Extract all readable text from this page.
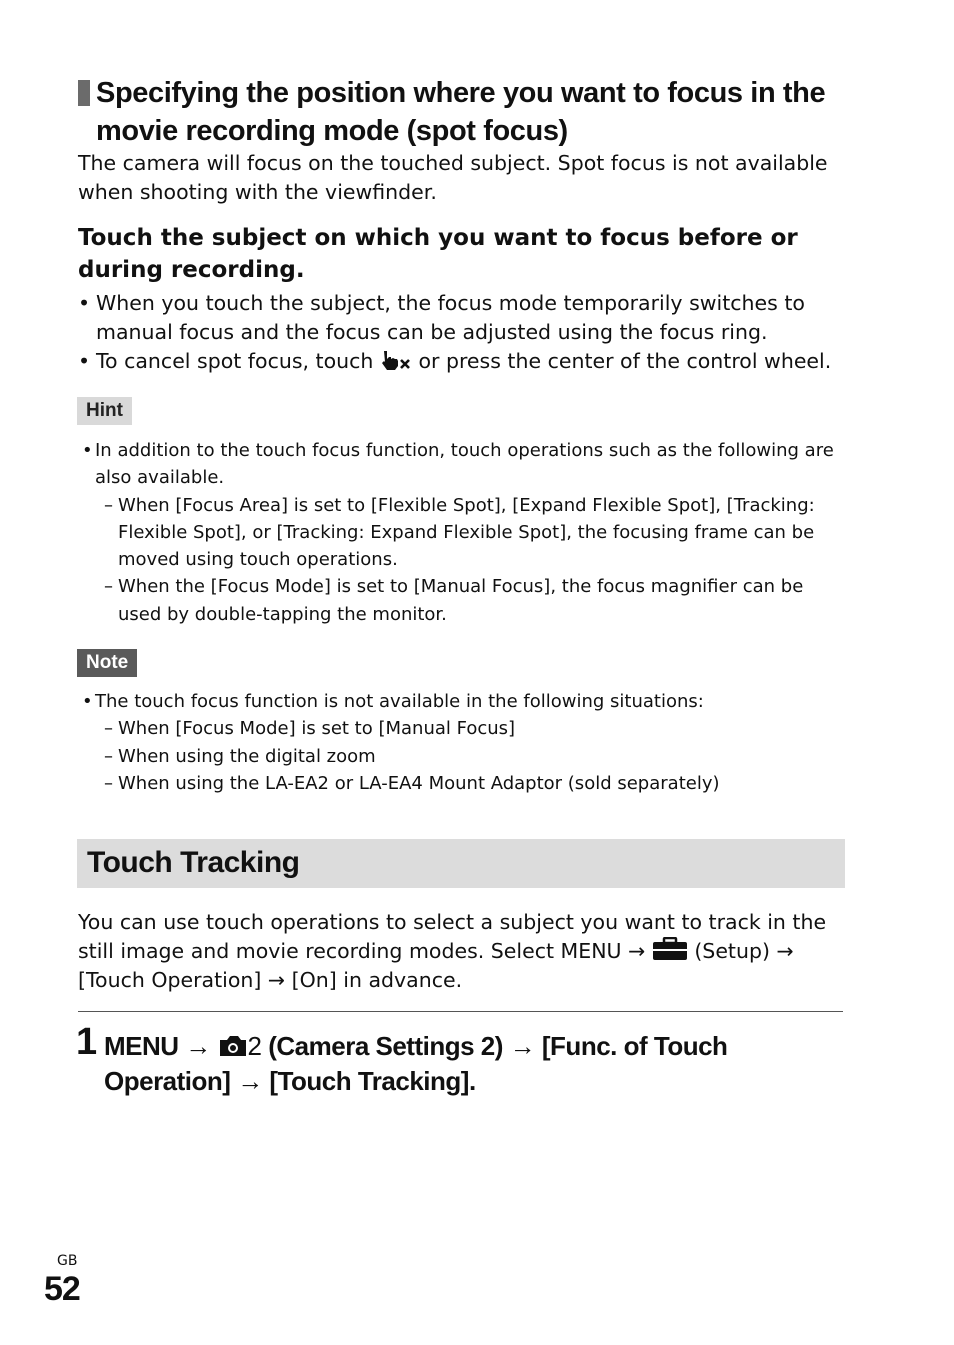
Specifying the position where you want to focus in the movie recording mode (spot focus)
The camera will focus on the touched subject. Spot focus is not available when shooting with the viewfinder.
Touch the subject on which you want to focus before or during recording.
• When you touch the subject, the focus mode temporarily switches to manual focus and the focus can be adjusted using the focus ring.
• To cancel spot focus, touch or press the center of the control wheel.
Hint
• In addition to the touch focus function, touch operations such as the following are also available.
– When [Focus Area] is set to [Flexible Spot], [Expand Flexible Spot], [Tracking: Flexible Spot], or [Tracking: Expand Flexible Spot], the focusing frame can be moved using touch operations.
– When the [Focus Mode] is set to [Manual Focus], the focus magnifier can be used by double-tapping the monitor.
Note
• The touch focus function is not available in the following situations:
– When [Focus Mode] is set to [Manual Focus]
– When using the digital zoom
– When using the LA-EA2 or LA-EA4 Mount Adaptor (sold separately)
Touch Tracking
You can use touch operations to select a subject you want to track in the still image and movie recording modes. Select MENU → (Setup) → [Touch Operation] → [On] in advance.
1 MENU → 2 (Camera Settings 2) → [Func. of Touch Operation] → [Touch Tracking].
GB
52
